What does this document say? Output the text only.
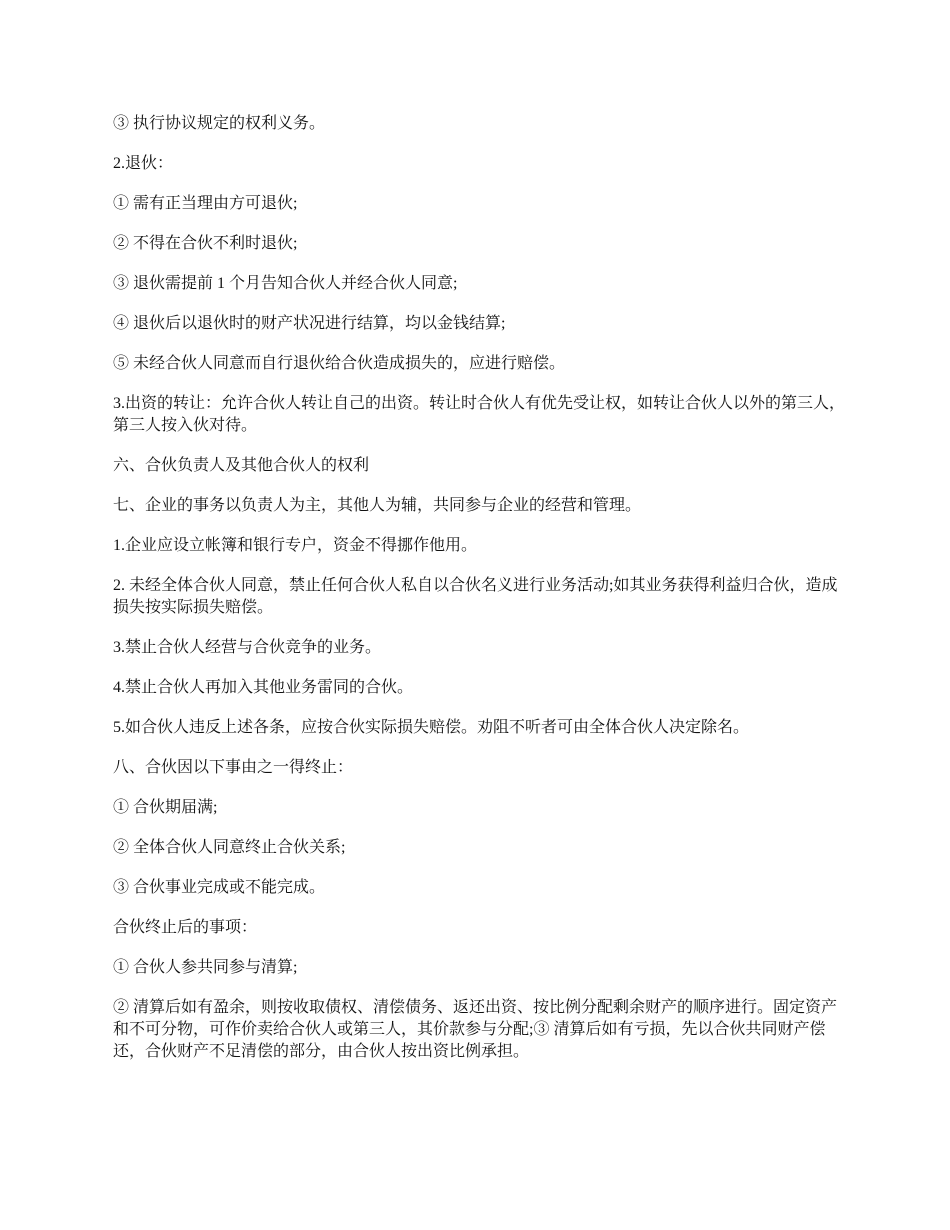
③ 执行协议规定的权利义务。

2.退伙：

① 需有正当理由方可退伙;

② 不得在合伙不利时退伙;

③ 退伙需提前 1 个月告知合伙人并经合伙人同意;

④ 退伙后以退伙时的财产状况进行结算，均以金钱结算;

⑤ 未经合伙人同意而自行退伙给合伙造成损失的，应进行赔偿。

3.出资的转让：允许合伙人转让自己的出资。转让时合伙人有优先受让权，如转让合伙人以外的第三人，第三人按入伙对待。

六、合伙负责人及其他合伙人的权利

七、企业的事务以负责人为主，其他人为辅，共同参与企业的经营和管理。

1.企业应设立帐簿和银行专户，资金不得挪作他用。

2. 未经全体合伙人同意，禁止任何合伙人私自以合伙名义进行业务活动;如其业务获得利益归合伙，造成损失按实际损失赔偿。

3.禁止合伙人经营与合伙竞争的业务。

4.禁止合伙人再加入其他业务雷同的合伙。

5.如合伙人违反上述各条，应按合伙实际损失赔偿。劝阻不听者可由全体合伙人决定除名。

八、合伙因以下事由之一得终止：

① 合伙期届满;

② 全体合伙人同意终止合伙关系;

③ 合伙事业完成或不能完成。

合伙终止后的事项：

① 合伙人参共同参与清算;

② 清算后如有盈余，则按收取债权、清偿债务、返还出资、按比例分配剩余财产的顺序进行。固定资产和不可分物，可作价卖给合伙人或第三人，其价款参与分配;③ 清算后如有亏损，先以合伙共同财产偿还，合伙财产不足清偿的部分，由合伙人按出资比例承担。
